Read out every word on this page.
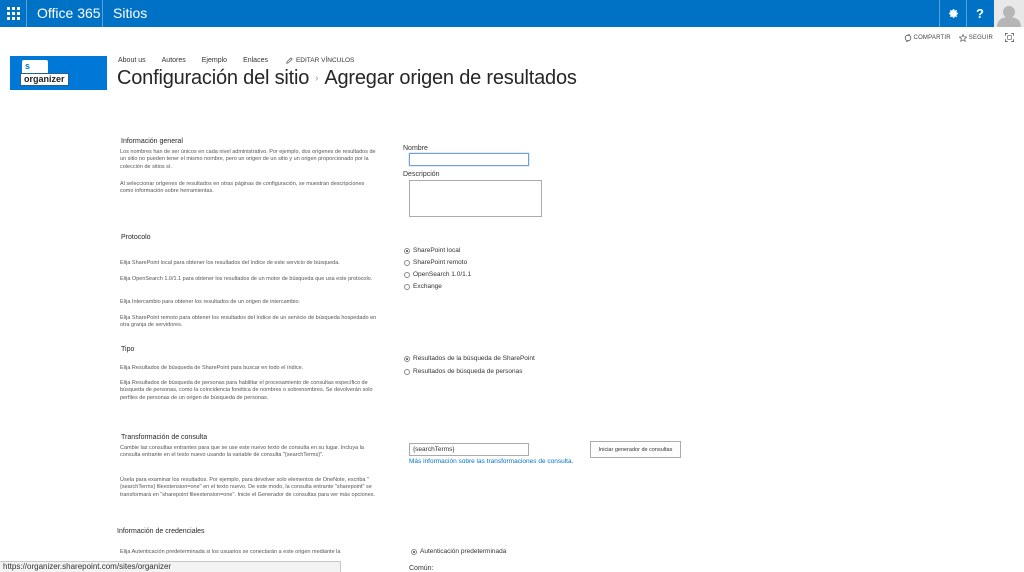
Office 365 Sitios	?
COMPARTIR	SEGUIR
s
organizer
About us Autores Ejemplo Enlaces	EDITAR VÍNCULOS
Configuración del sitio › Agregar origen de resultados
Información general
Los nombres han de ser únicos en cada nivel administrativo. Por ejemplo, dos orígenes de resultados de un sitio no pueden tener el mismo nombre, pero un origen de un sitio y un origen proporcionado por la colección de sitios sí.
Al seleccionar orígenes de resultados en otras páginas de configuración, se muestran descripciones como información sobre herramientas.
Nombre
Descripción
Protocolo
Elija SharePoint local para obtener los resultados del índice de este servicio de búsqueda.
Elija OpenSearch 1.0/1.1 para obtener los resultados de un motor de búsqueda que usa este protocolo.
Elija Intercambio para obtener los resultados de un origen de intercambio.
Elija SharePoint remoto para obtener los resultados del índice de un servicio de búsqueda hospedado en otra granja de servidores.
SharePoint local
SharePoint remoto
OpenSearch 1.0/1.1
Exchange
Tipo
Elija Resultados de búsqueda de SharePoint para buscar en todo el índice.
Elija Resultados de búsqueda de personas para habilitar el procesamiento de consultas específico de búsqueda de personas, como la coincidencia fonética de nombres o sobrenombres. Se devolverán solo perfiles de personas de un origen de búsqueda de personas.
Resultados de la búsqueda de SharePoint
Resultados de búsqueda de personas
Transformación de consulta
Cambie las consultas entrantes para que se use este nuevo texto de consulta en su lugar. Incluya la consulta entrante en el texto nuevo usando la variable de consulta "{searchTerms}".
Úsela para examinar los resultados. Por ejemplo, para devolver solo elementos de OneNote, escriba "{searchTerms} fileextension=one" en el texto nuevo. De este modo, la consulta entrante "sharepoint" se transformará en "sharepoint fileextension=one". Inicie el Generador de consultas para ver más opciones.
{searchTerms}
Iniciar generador de consultas
Más información sobre las transformaciones de consulta.
Información de credenciales
Elija Autenticación predeterminada si los usuarios se conectarán a este origen mediante la	Autenticación predeterminada
Común:
https://organizer.sharepoint.com/sites/organizer
